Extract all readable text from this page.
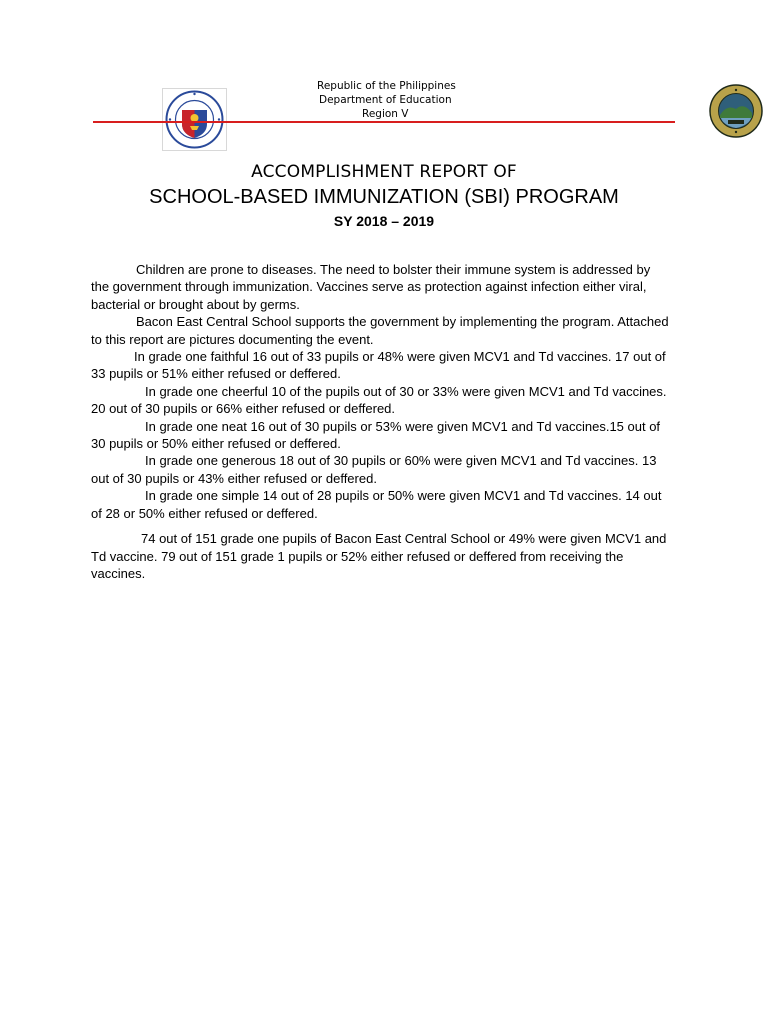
Republic of the Philippines
Department of Education
Region V
ACCOMPLISHMENT REPORT OF
SCHOOL-BASED IMMUNIZATION (SBI) PROGRAM
SY 2018 – 2019

Children are prone to diseases. The need to bolster their immune system is addressed by the government through immunization. Vaccines serve as protection against infection either viral, bacterial or brought about by germs.

Bacon East Central School supports the government by implementing the program. Attached to this report are pictures documenting the event.

In grade one faithful 16 out of 33 pupils or 48% were given MCV1 and Td vaccines. 17 out of 33 pupils or 51% either refused or deffered.

In grade one cheerful 10 of the pupils out of 30 or 33% were given MCV1 and Td vaccines. 20 out of 30 pupils or 66% either refused or deffered.

In grade one neat 16 out of 30 pupils or 53% were given MCV1 and Td vaccines.15 out of 30 pupils or 50% either refused or deffered.

In grade one generous 18 out of 30 pupils or 60% were given MCV1 and Td vaccines. 13 out of 30 pupils or 43% either refused or deffered.

In grade one simple 14 out of 28 pupils or 50% were given MCV1 and Td vaccines. 14 out of 28 or 50% either refused or deffered.

74 out of 151 grade one pupils of Bacon East Central School or 49% were given MCV1 and Td vaccine. 79 out of 151 grade 1 pupils or 52% either refused or deffered from receiving the vaccines.
